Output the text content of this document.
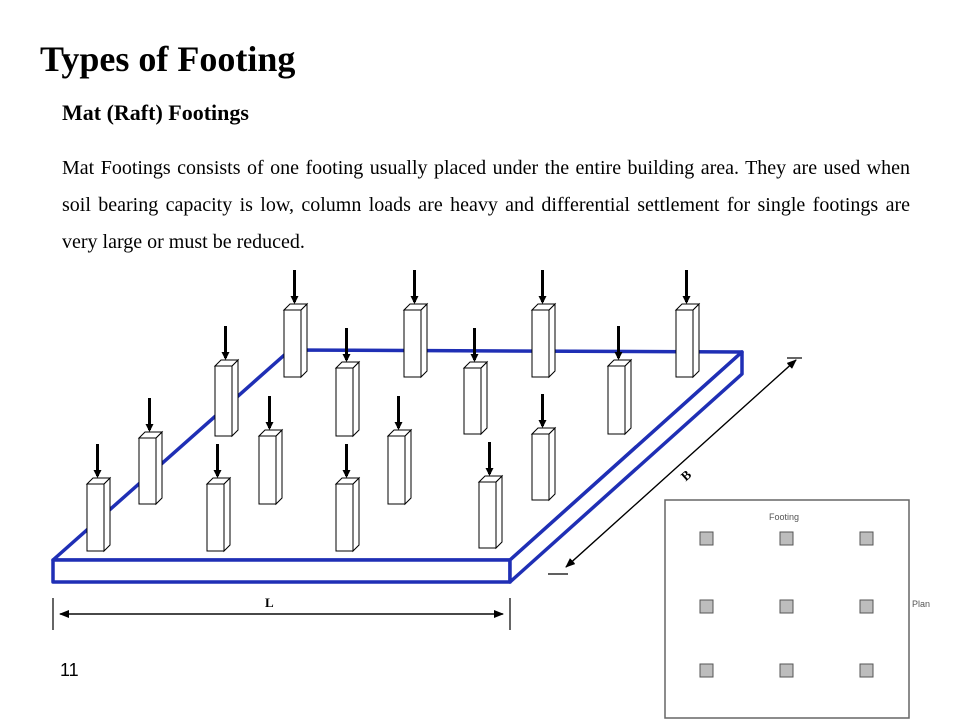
Types of Footing
Mat (Raft) Footings
Mat Footings consists of one footing usually placed under the entire building area. They are used when soil bearing capacity is low, column loads are heavy and differential settlement for single footings are very large or must be reduced.
L
B
Footing
Plan
11
